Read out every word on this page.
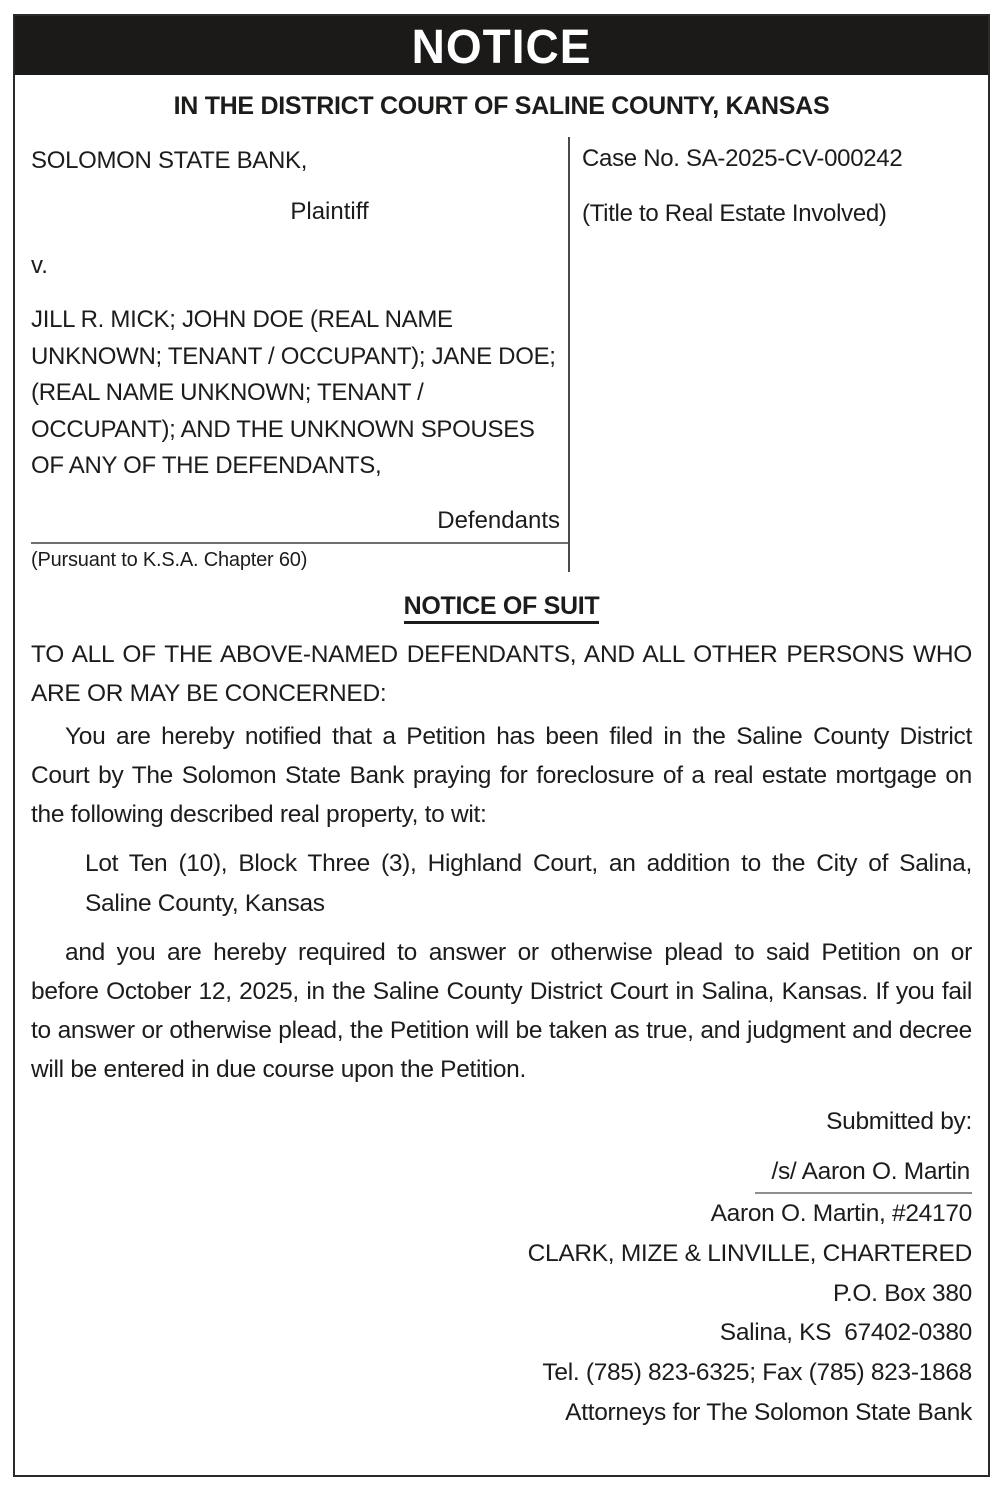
NOTICE
IN THE DISTRICT COURT OF SALINE COUNTY, KANSAS
SOLOMON STATE BANK,
Plaintiff
v.
JILL R. MICK; JOHN DOE (REAL NAME UNKNOWN; TENANT / OCCUPANT); JANE DOE; (REAL NAME UNKNOWN; TENANT / OCCUPANT); AND THE UNKNOWN SPOUSES OF ANY OF THE DEFENDANTS,
Defendants
(Pursuant to K.S.A. Chapter 60)
Case No. SA-2025-CV-000242
(Title to Real Estate Involved)
NOTICE OF SUIT

TO ALL OF THE ABOVE-NAMED DEFENDANTS, AND ALL OTHER PERSONS WHO ARE OR MAY BE CONCERNED:

You are hereby notified that a Petition has been filed in the Saline County District Court by The Solomon State Bank praying for foreclosure of a real estate mortgage on the following described real property, to wit:

Lot Ten (10), Block Three (3), Highland Court, an addition to the City of Salina, Saline County, Kansas

and you are hereby required to answer or otherwise plead to said Petition on or before October 12, 2025, in the Saline County District Court in Salina, Kansas. If you fail to answer or otherwise plead, the Petition will be taken as true, and judgment and decree will be entered in due course upon the Petition.

Submitted by:
/s/ Aaron O. Martin
Aaron O. Martin, #24170
CLARK, MIZE & LINVILLE, CHARTERED
P.O. Box 380
Salina, KS  67402-0380
Tel. (785) 823-6325; Fax (785) 823-1868
Attorneys for The Solomon State Bank
